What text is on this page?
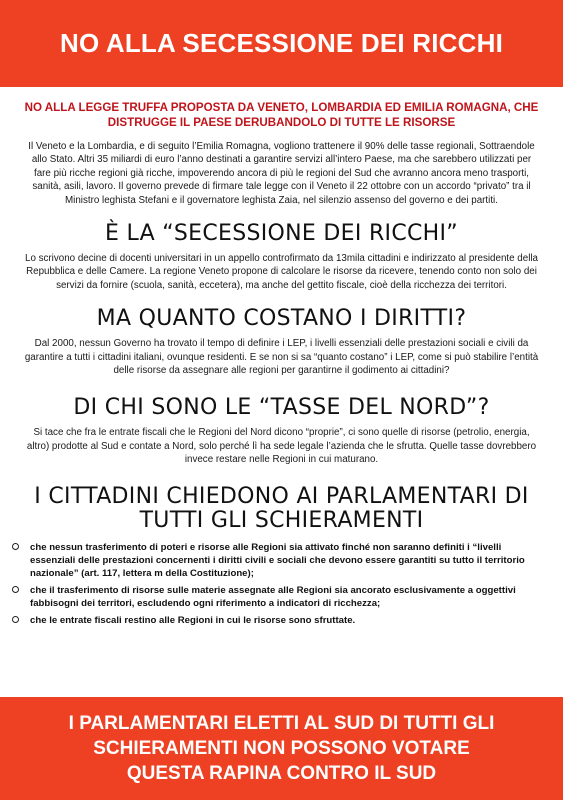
NO ALLA SECESSIONE DEI RICCHI

NO ALLA LEGGE TRUFFA PROPOSTA DA VENETO, LOMBARDIA ED EMILIA ROMAGNA, CHE DISTRUGGE IL PAESE DERUBANDOLO DI TUTTE LE RISORSE

Il Veneto e la Lombardia, e di seguito l’Emilia Romagna, vogliono trattenere il 90% delle tasse regionali, Sottraendole allo Stato. Altri 35 miliardi di euro l’anno destinati a garantire servizi all’intero Paese, ma che sarebbero utilizzati per fare più ricche regioni già ricche, impoverendo ancora di più le regioni del Sud che avranno ancora meno trasporti, sanità, asili, lavoro. Il governo prevede di firmare tale legge con il Veneto il 22 ottobre con un accordo “privato” tra il Ministro leghista Stefani e il governatore leghista Zaia, nel silenzio assenso del governo e dei partiti.

È LA “SECESSIONE DEI RICCHI”

Lo scrivono decine di docenti universitari in un appello controfirmato da 13mila cittadini e indirizzato al presidente della Repubblica e delle Camere. La regione Veneto propone di calcolare le risorse da ricevere, tenendo conto non solo dei servizi da fornire (scuola, sanità, eccetera), ma anche del gettito fiscale, cioè della ricchezza dei territori.

MA QUANTO COSTANO I DIRITTI?

Dal 2000, nessun Governo ha trovato il tempo di definire i LEP, i livelli essenziali delle prestazioni sociali e civili da garantire a tutti i cittadini italiani, ovunque residenti. E se non si sa “quanto costano” i LEP, come si può stabilire l’entità delle risorse da assegnare alle regioni per garantirne il godimento ai cittadini?

DI CHI SONO LE “TASSE DEL NORD”?

Si tace che fra le entrate fiscali che le Regioni del Nord dicono “proprie”, ci sono quelle di risorse (petrolio, energia, altro) prodotte al Sud e contate a Nord, solo perché lì ha sede legale l’azienda che le sfrutta. Quelle tasse dovrebbero invece restare nelle Regioni in cui maturano.

I CITTADINI CHIEDONO AI PARLAMENTARI DI
TUTTI GLI SCHIERAMENTI
che nessun trasferimento di poteri e risorse alle Regioni sia attivato finché non saranno definiti i “livelli essenziali delle prestazioni concernenti i diritti civili e sociali che devono essere garantiti su tutto il territorio nazionale” (art. 117, lettera m della Costituzione);
che il trasferimento di risorse sulle materie assegnate alle Regioni sia ancorato esclusivamente a oggettivi fabbisogni dei territori, escludendo ogni riferimento a indicatori di ricchezza;
che le entrate fiscali restino alle Regioni in cui le risorse sono sfruttate.

I PARLAMENTARI ELETTI AL SUD DI TUTTI GLI
SCHIERAMENTI NON POSSONO VOTARE
QUESTA RAPINA CONTRO IL SUD
